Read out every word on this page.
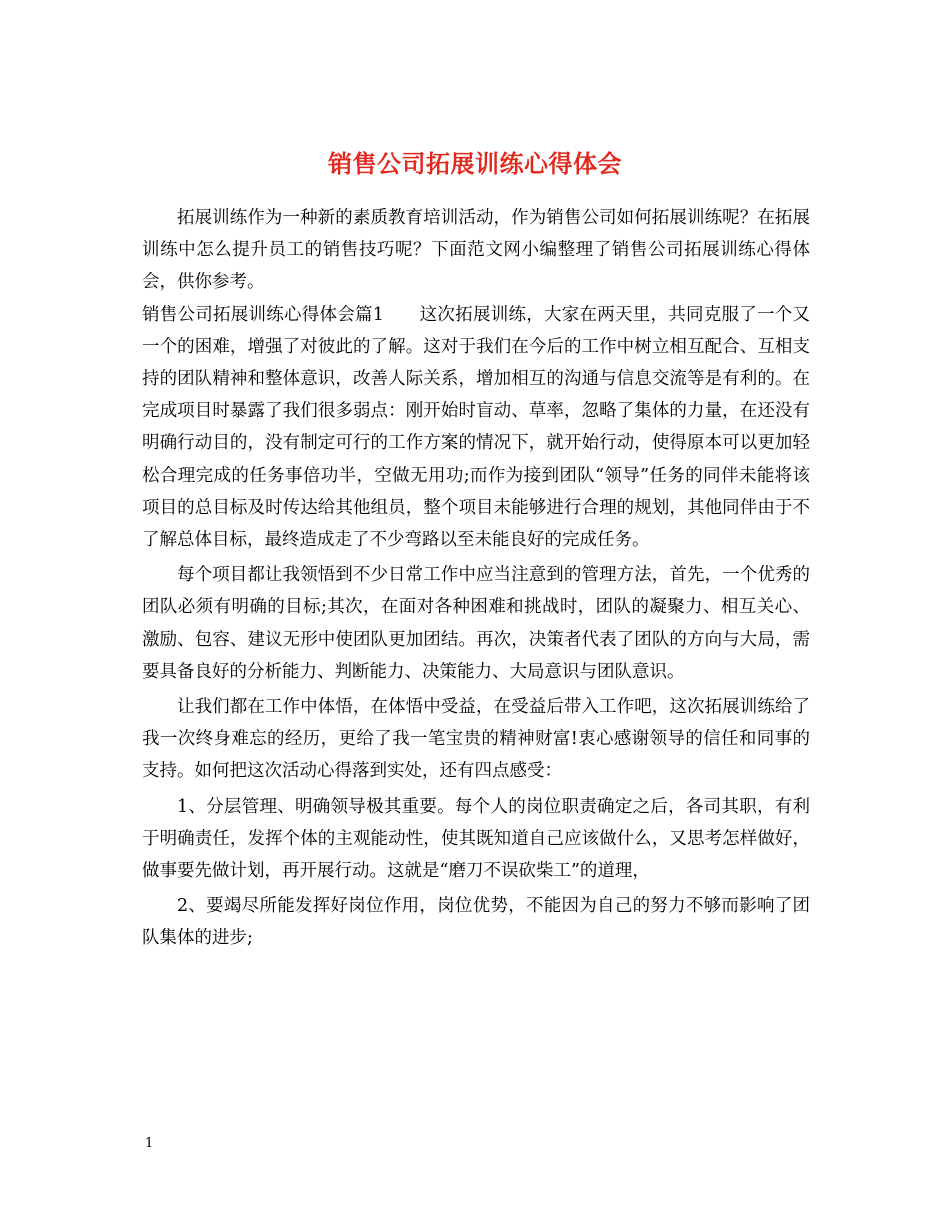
销售公司拓展训练心得体会

拓展训练作为一种新的素质教育培训活动，作为销售公司如何拓展训练呢？在拓展训练中怎么提升员工的销售技巧呢？下面范文网小编整理了销售公司拓展训练心得体会，供你参考。

销售公司拓展训练心得体会篇1　　这次拓展训练，大家在两天里，共同克服了一个又一个的困难，增强了对彼此的了解。这对于我们在今后的工作中树立相互配合、互相支持的团队精神和整体意识，改善人际关系，增加相互的沟通与信息交流等是有利的。在完成项目时暴露了我们很多弱点：刚开始时盲动、草率，忽略了集体的力量，在还没有明确行动目的，没有制定可行的工作方案的情况下，就开始行动，使得原本可以更加轻松合理完成的任务事倍功半，空做无用功;而作为接到团队“领导”任务的同伴未能将该项目的总目标及时传达给其他组员，整个项目未能够进行合理的规划，其他同伴由于不了解总体目标，最终造成走了不少弯路以至未能良好的完成任务。

每个项目都让我领悟到不少日常工作中应当注意到的管理方法，首先，一个优秀的团队必须有明确的目标;其次，在面对各种困难和挑战时，团队的凝聚力、相互关心、激励、包容、建议无形中使团队更加团结。再次，决策者代表了团队的方向与大局，需要具备良好的分析能力、判断能力、决策能力、大局意识与团队意识。

让我们都在工作中体悟，在体悟中受益，在受益后带入工作吧，这次拓展训练给了我一次终身难忘的经历，更给了我一笔宝贵的精神财富!衷心感谢领导的信任和同事的支持。如何把这次活动心得落到实处，还有四点感受：

1、分层管理、明确领导极其重要。每个人的岗位职责确定之后，各司其职，有利于明确责任，发挥个体的主观能动性，使其既知道自己应该做什么，又思考怎样做好，做事要先做计划，再开展行动。这就是“磨刀不误砍柴工”的道理，

2、要竭尽所能发挥好岗位作用，岗位优势，不能因为自己的努力不够而影响了团队集体的进步;

1
